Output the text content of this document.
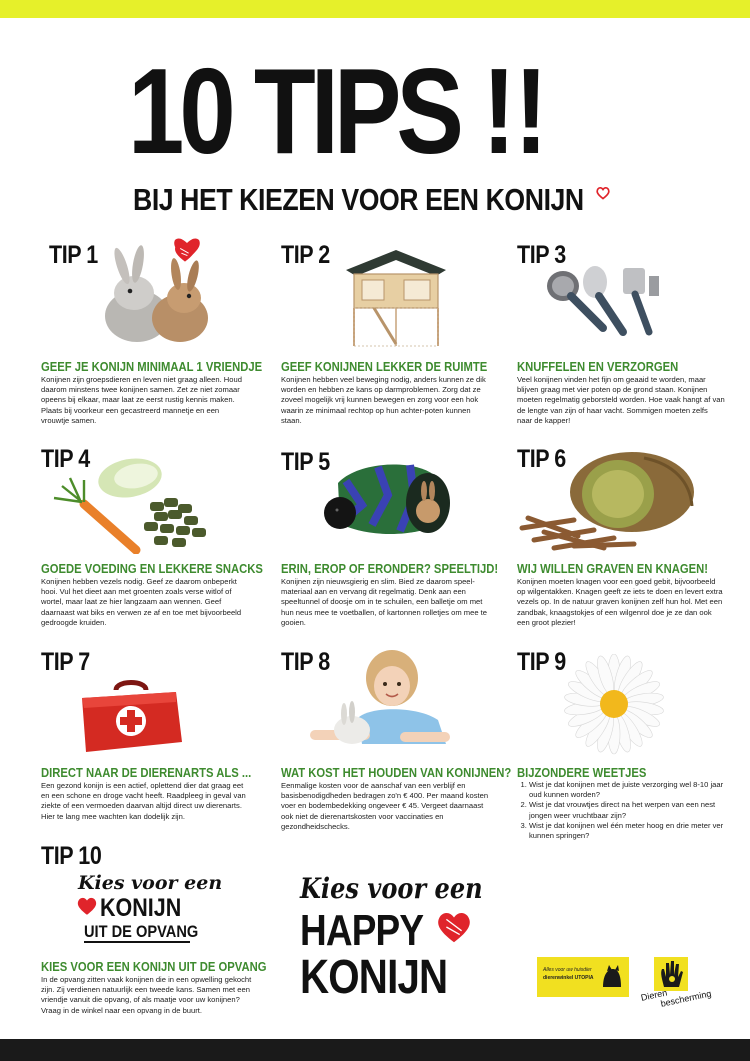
10 TIPS !!
BIJ HET KIEZEN VOOR EEN KONIJN
TIP 1
GEEF JE KONIJN MINIMAAL 1 VRIENDJE
Konijnen zijn groepsdieren en leven niet graag alleen. Houd daarom minstens twee konijnen samen. Zet ze niet zomaar opeens bij elkaar, maar laat ze eerst rustig kennis maken. Plaats bij voorkeur een gecastreerd mannetje en een vrouwtje samen.
TIP 2
GEEF KONIJNEN LEKKER DE RUIMTE
Konijnen hebben veel beweging nodig, anders kunnen ze dik worden en hebben ze kans op darmproblemen. Zorg dat ze zoveel mogelijk vrij kunnen bewegen en zorg voor een hok waarin ze minimaal rechtop op hun achter-poten kunnen staan.
TIP 3
KNUFFELEN EN VERZORGEN
Veel konijnen vinden het fijn om geaaid te worden, maar blijven graag met vier poten op de grond staan. Konijnen moeten regelmatig geborsteld worden. Hoe vaak hangt af van de lengte van zijn of haar vacht. Sommigen moeten zelfs naar de kapper!
TIP 4
GOEDE VOEDING EN LEKKERE SNACKS
Konijnen hebben vezels nodig. Geef ze daarom onbeperkt hooi. Vul het dieet aan met groenten zoals verse witlof of wortel, maar laat ze hier langzaam aan wennen. Geef daarnaast wat biks en verwen ze af en toe met bijvoorbeeld gedroogde kruiden.
TIP 5
ERIN, EROP OF ERONDER? SPEELTIJD!
Konijnen zijn nieuwsgierig en slim. Bied ze daarom speel-materiaal aan en vervang dit regelmatig. Denk aan een speeltunnel of doosje om in te schuilen, een balletje om met hun neus mee te voetballen, of kartonnen rolletjes om mee te gooien.
TIP 6
WIJ WILLEN GRAVEN EN KNAGEN!
Konijnen moeten knagen voor een goed gebit, bijvoorbeeld op wilgentakken. Knagen geeft ze iets te doen en levert extra vezels op. In de natuur graven konijnen zelf hun hol. Met een zandbak, knaagstokjes of een wilgenrol doe je ze dan ook een groot plezier!
TIP 7
DIRECT NAAR DE DIERENARTS ALS ...
Een gezond konijn is een actief, oplettend dier dat graag eet en een schone en droge vacht heeft. Raadpleeg in geval van ziekte of een vermoeden daarvan altijd direct uw dierenarts. Hier te lang mee wachten kan dodelijk zijn.
TIP 8
WAT KOST HET HOUDEN VAN KONIJNEN?
Eenmalige kosten voor de aanschaf van een verblijf en basisbenodigdheden bedragen zo'n € 400. Per maand kosten voer en bodembedekking ongeveer € 45. Vergeet daarnaast ook niet de dierenartskosten voor vaccinaties en gezondheidschecks.
TIP 9
BIJZONDERE WEETJES
1. Wist je dat konijnen met de juiste verzorging wel 8-10 jaar oud kunnen worden?
2. Wist je dat vrouwtjes direct na het werpen van een nest jongen weer vruchtbaar zijn?
3. Wist je dat konijnen wel één meter hoog en drie meter ver kunnen springen?
TIP 10
Kies voor een
KONIJN
UIT DE OPVANG
KIES VOOR EEN KONIJN UIT DE OPVANG
In de opvang zitten vaak konijnen die in een opwelling gekocht zijn. Zij verdienen natuurlijk een tweede kans. Samen met een vriendje vanuit die opvang, of als maatje voor uw konijnen? Vraag in de winkel naar een opvang in de buurt.
Kies voor een
HAPPY
KONIJN	Alles voor uw huisdier
dierenwinkel UTOPIA
Dieren
bescherming
